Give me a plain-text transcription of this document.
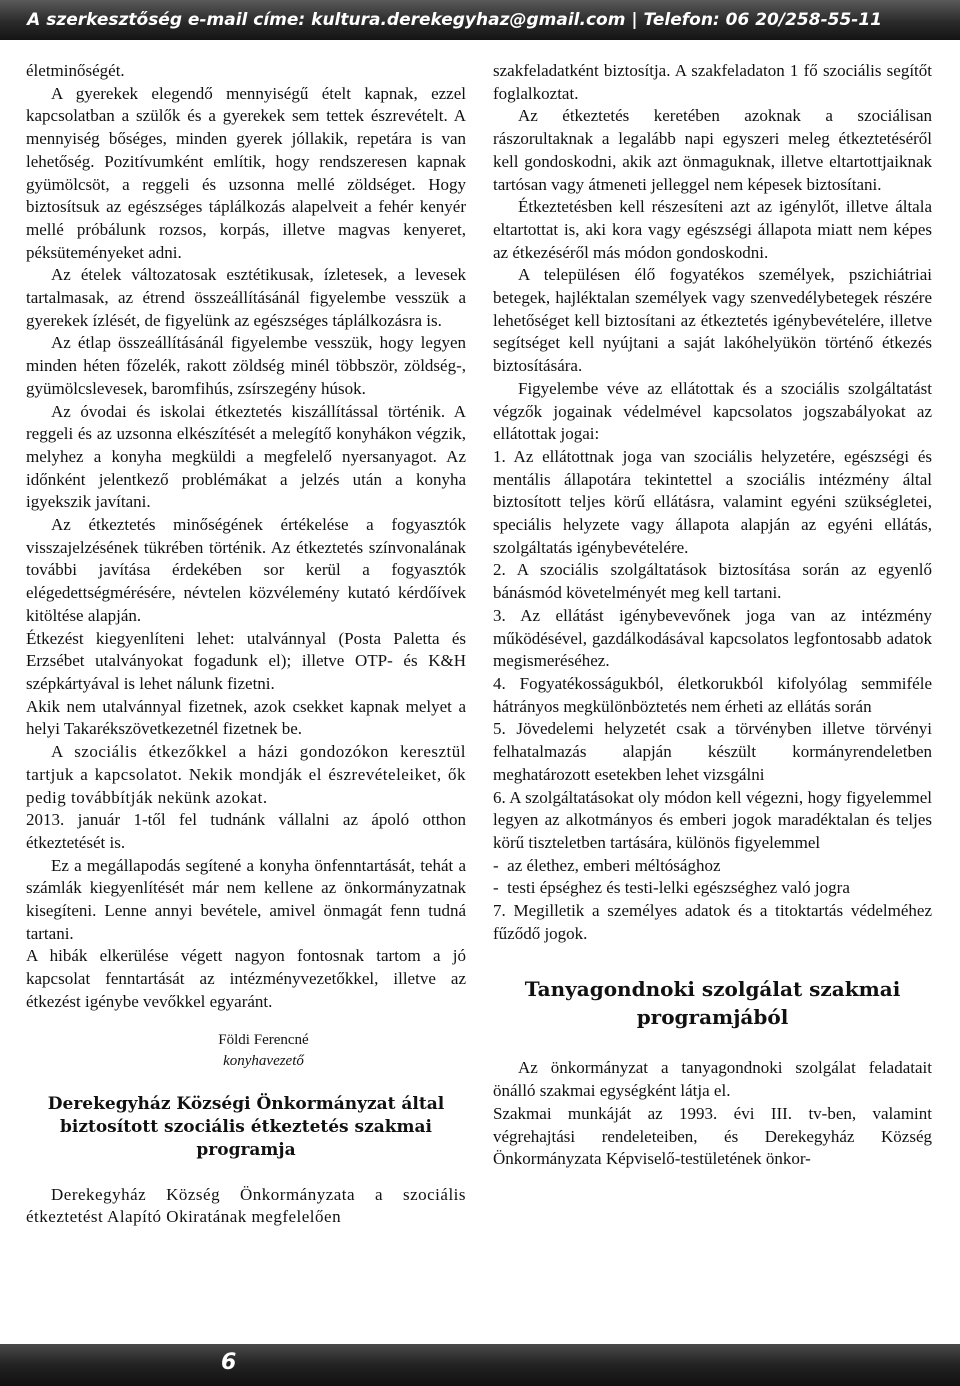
A szerkesztőség e-mail címe: kultura.derekegyhaz@gmail.com | Telefon: 06 20/258-55-11

életminőségét.

A gyerekek elegendő mennyiségű ételt kapnak, ezzel kapcsolatban a szülők és a gyerekek sem tettek észrevételt. A mennyiség bőséges, minden gyerek jóllakik, repetára is van lehetőség. Pozitívumként említik, hogy rendszeresen kapnak gyümölcsöt, a reggeli és uzsonna mellé zöldséget. Hogy biztosítsuk az egészséges táplálkozás alapelveit a fehér kenyér mellé próbálunk rozsos, korpás, illetve magvas kenyeret, péksüteményeket adni.

Az ételek változatosak esztétikusak, ízletesek, a levesek tartalmasak, az étrend összeállításánál figyelembe vesszük a gyerekek ízlését, de figyelünk az egészséges táplálkozásra is.

Az étlap összeállításánál figyelembe vesszük, hogy legyen minden héten főzelék, rakott zöldség minél többször, zöldség-, gyümölcslevesek, baromfihús, zsírszegény húsok.

Az óvodai és iskolai étkeztetés kiszállítással történik. A reggeli és az uzsonna elkészítését a melegítő konyhákon végzik, melyhez a konyha megküldi a megfelelő nyersanyagot. Az időnként jelentkező problémákat a jelzés után a konyha igyekszik javítani.

Az étkeztetés minőségének értékelése a fogyasztók visszajelzésének tükrében történik. Az étkeztetés színvonalának további javítása érdekében sor kerül a fogyasztók elégedettségmérésére, névtelen közvélemény kutató kérdőívek kitöltése alapján.

Étkezést kiegyenlíteni lehet: utalvánnyal (Posta Paletta és Erzsébet utalványokat fogadunk el); illetve OTP- és K&H szépkártyával is lehet nálunk fizetni.

Akik nem utalvánnyal fizetnek, azok csekket kapnak melyet a helyi Takarékszövetkezetnél fizetnek be.

A szociális étkezőkkel a házi gondozókon keresztül tartjuk a kapcsolatot. Nekik mondják el észrevételeiket, ők pedig továbbítják nekünk azokat.

2013. január 1-től fel tudnánk vállalni az ápoló otthon étkeztetését is.

Ez a megállapodás segítené a konyha önfenntartását, tehát a számlák kiegyenlítését már nem kellene az önkormányzatnak kisegíteni. Lenne annyi bevétele, amivel önmagát fenn tudná tartani.

A hibák elkerülése végett nagyon fontosnak tartom a jó kapcsolat fenntartását az intézményvezetőkkel, illetve az étkezést igénybe vevőkkel egyaránt.

Földi Ferencné
konyhavezető
Derekegyház Községi Önkormányzat által biztosított szociális étkeztetés szakmai programja

Derekegyház Község Önkormányzata a szociális étkeztetést Alapító Okiratának megfelelően

szakfeladatként biztosítja. A szakfeladaton 1 fő szociális segítőt foglalkoztat.

Az étkeztetés keretében azoknak a szociálisan rászorultaknak a legalább napi egyszeri meleg étkeztetéséről kell gondoskodni, akik azt önmaguknak, illetve eltartottjaiknak tartósan vagy átmeneti jelleggel nem képesek biztosítani.

Étkeztetésben kell részesíteni azt az igénylőt, illetve általa eltartottat is, aki kora vagy egészségi állapota miatt nem képes az étkezéséről más módon gondoskodni.

A településen élő fogyatékos személyek, pszichiátriai betegek, hajléktalan személyek vagy szenvedélybetegek részére lehetőséget kell biztosítani az étkeztetés igénybevételére, illetve segítséget kell nyújtani a saját lakóhelyükön történő étkezés biztosítására.

Figyelembe véve az ellátottak és a szociális szolgáltatást végzők jogainak védelmével kapcsolatos jogszabályokat az ellátottak jogai:

1. Az ellátottnak joga van szociális helyzetére, egészségi és mentális állapotára tekintettel a szociális intézmény által biztosított teljes körű ellátásra, valamint egyéni szükségletei, speciális helyzete vagy állapota alapján az egyéni ellátás, szolgáltatás igénybevételére.

2. A szociális szolgáltatások biztosítása során az egyenlő bánásmód követelményét meg kell tartani.

3. Az ellátást igénybevevőnek joga van az intézmény működésével, gazdálkodásával kapcsolatos legfontosabb adatok megismeréséhez.

4. Fogyatékosságukból, életkorukból kifolyólag semmiféle hátrányos megkülönböztetés nem érheti az ellátás során

5. Jövedelemi helyzetét csak a törvényben illetve törvényi felhatalmazás alapján készült kormányrendeletben meghatározott esetekben lehet vizsgálni

6. A szolgáltatásokat oly módon kell végezni, hogy figyelemmel legyen az alkotmányos és emberi jogok maradéktalan és teljes körű tiszteletben tartására, különös figyelemmel

-  az élethez, emberi méltósághoz

-  testi épséghez és testi-lelki egészséghez való jogra

7. Megilletik a személyes adatok és a titoktartás védelméhez fűződő jogok.

Tanyagondnoki szolgálat szakmai programjából

Az önkormányzat a tanyagondnoki szolgálat feladatait önálló szakmai egységként látja el.

Szakmai munkáját az 1993. évi III. tv-ben, valamint végrehajtási rendeleteiben, és Derekegyház Község Önkormányzata Képviselő-testületének önkor-

6
